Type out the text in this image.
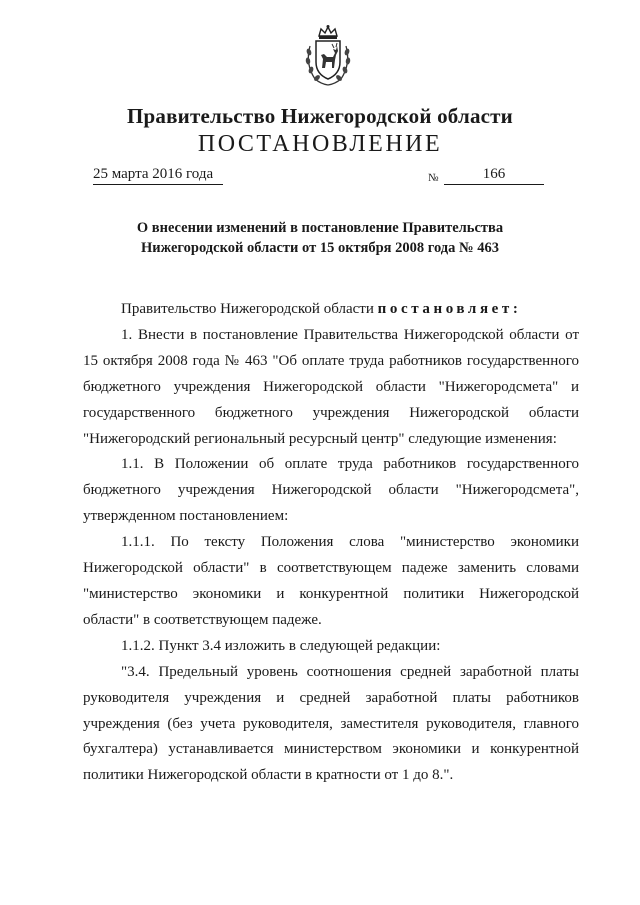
Правительство Нижегородской области
ПОСТАНОВЛЕНИЕ
25 марта 2016 года	№	166
О внесении изменений в постановление Правительства
Нижегородской области от 15 октября 2008 года № 463

Правительство Нижегородской области постановляет:

1. Внести в постановление Правительства Нижегородской области от 15 октября 2008 года № 463 "Об оплате труда работников государственного бюджетного учреждения Нижегородской области "Нижегородсмета" и государственного бюджетного учреждения Нижегородской области "Нижегородский региональный ресурсный центр" следующие изменения:

1.1. В Положении об оплате труда работников государственного бюджетного учреждения Нижегородской области "Нижегородсмета", утвержденном постановлением:

1.1.1. По тексту Положения слова "министерство экономики Нижегородской области" в соответствующем падеже заменить словами "министерство экономики и конкурентной политики Нижегородской области" в соответствующем падеже.

1.1.2. Пункт 3.4 изложить в следующей редакции:

"3.4. Предельный уровень соотношения средней заработной платы руководителя учреждения и средней заработной платы работников учреждения (без учета руководителя, заместителя руководителя, главного бухгалтера) устанавливается министерством экономики и конкурентной политики Нижегородской области в кратности от 1 до 8.".
